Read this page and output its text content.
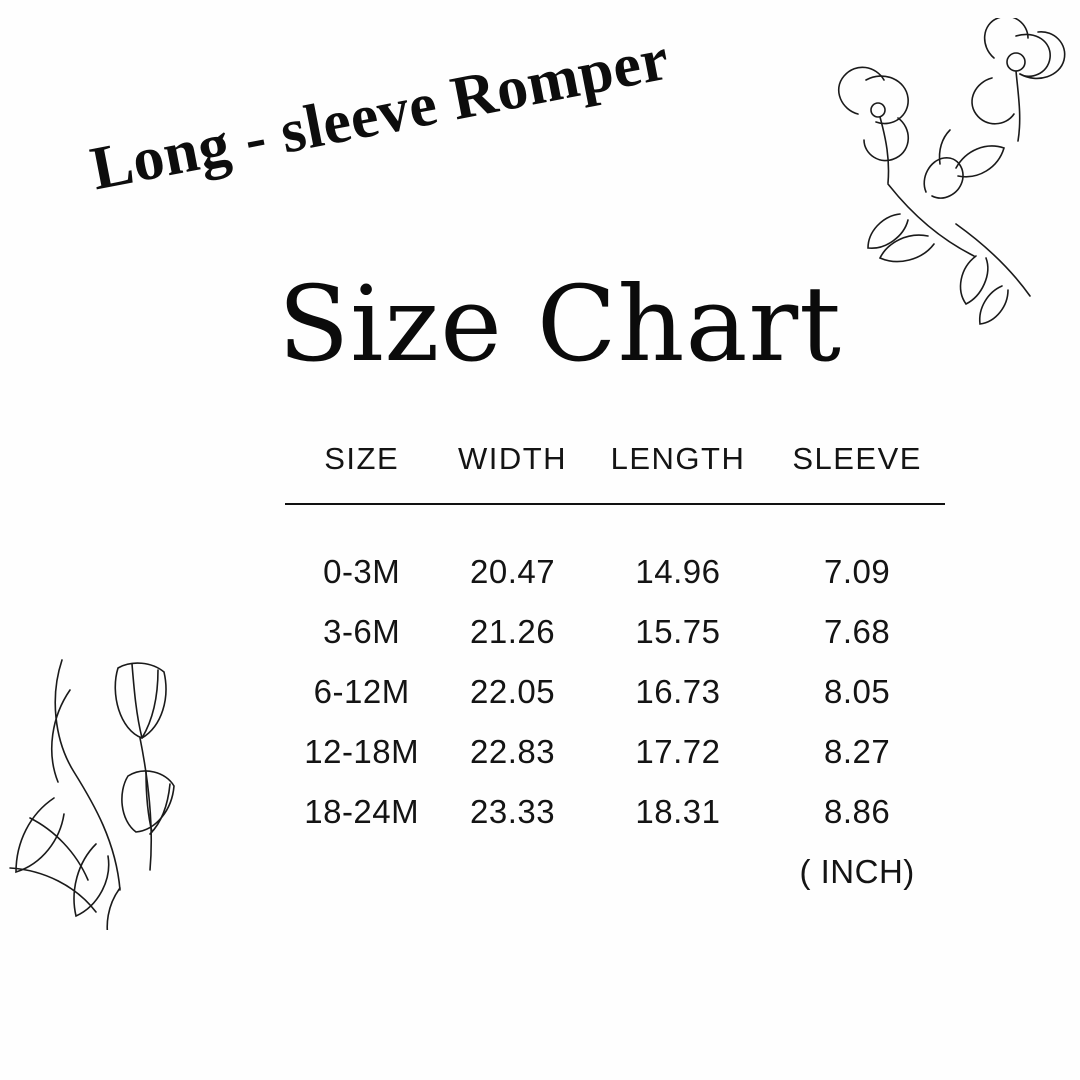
Long - sleeve Romper
Size Chart
SIZE	WIDTH	LENGTH	SLEEVE
0-3M	20.47	14.96	7.09
3-6M	21.26	15.75	7.68
6-12M	22.05	16.73	8.05
12-18M	22.83	17.72	8.27
18-24M	23.33	18.31	8.86
			( INCH)
